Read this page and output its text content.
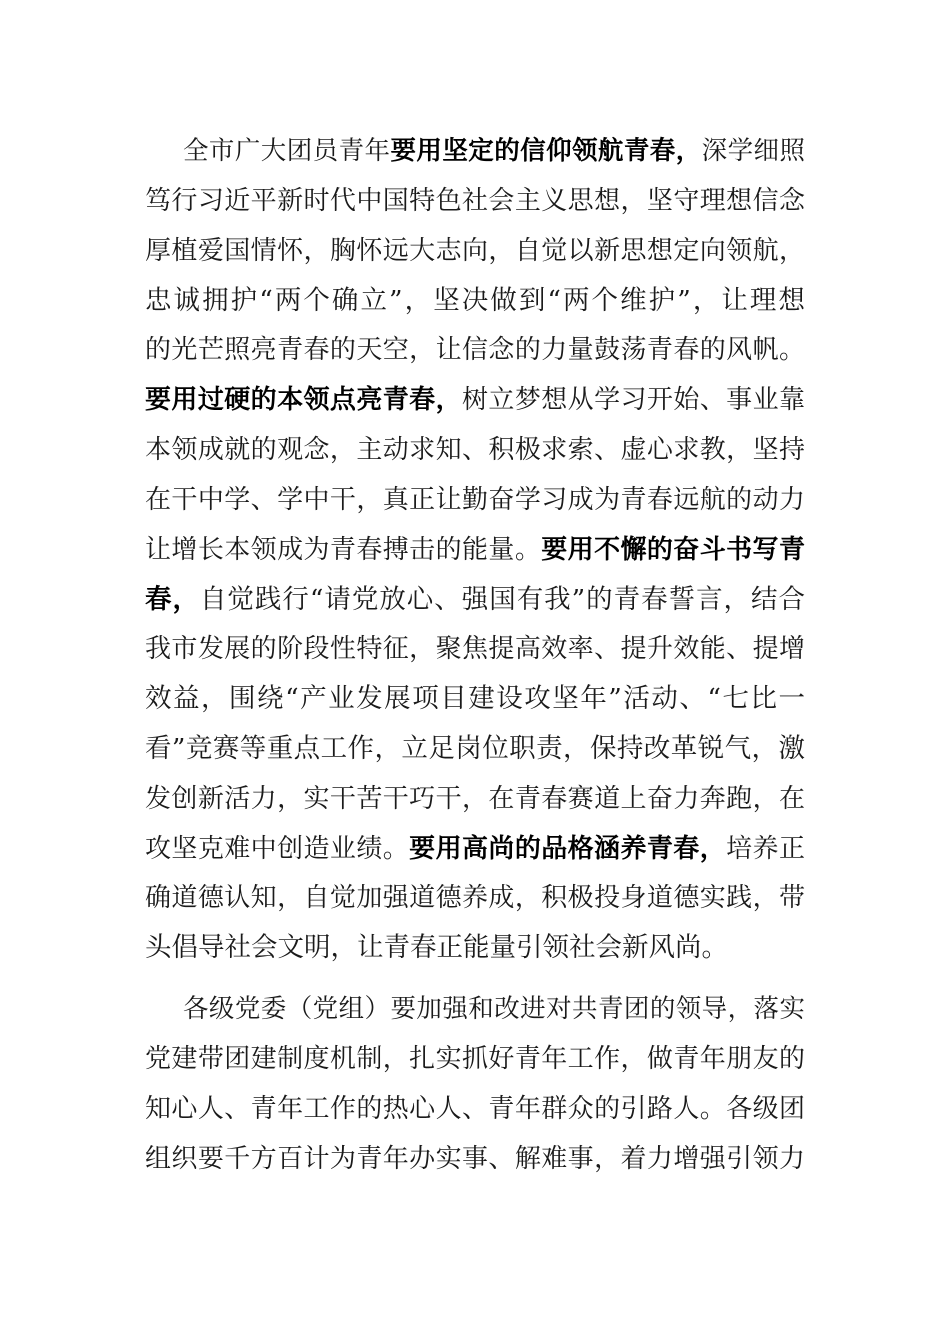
全市广大团员青年要用坚定的信仰领航青春，深学细照
笃行习近平新时代中国特色社会主义思想，坚守理想信念
厚植爱国情怀，胸怀远大志向，自觉以新思想定向领航，
忠诚拥护“两个确立”，坚决做到“两个维护”，让理想
的光芒照亮青春的天空，让信念的力量鼓荡青春的风帆。
要用过硬的本领点亮青春，树立梦想从学习开始、事业靠
本领成就的观念，主动求知、积极求索、虚心求教，坚持
在干中学、学中干，真正让勤奋学习成为青春远航的动力
让增长本领成为青春搏击的能量。要用不懈的奋斗书写青
春，自觉践行“请党放心、强国有我”的青春誓言，结合
我市发展的阶段性特征，聚焦提高效率、提升效能、提增
效益，围绕“产业发展项目建设攻坚年”活动、“七比一
看”竞赛等重点工作，立足岗位职责，保持改革锐气，激
发创新活力，实干苦干巧干，在青春赛道上奋力奔跑，在
攻坚克难中创造业绩。要用高尚的品格涵养青春，培养正
确道德认知，自觉加强道德养成，积极投身道德实践，带
头倡导社会文明，让青春正能量引领社会新风尚。
各级党委（党组）要加强和改进对共青团的领导，落实
党建带团建制度机制，扎实抓好青年工作，做青年朋友的
知心人、青年工作的热心人、青年群众的引路人。各级团
组织要千方百计为青年办实事、解难事，着力增强引领力
